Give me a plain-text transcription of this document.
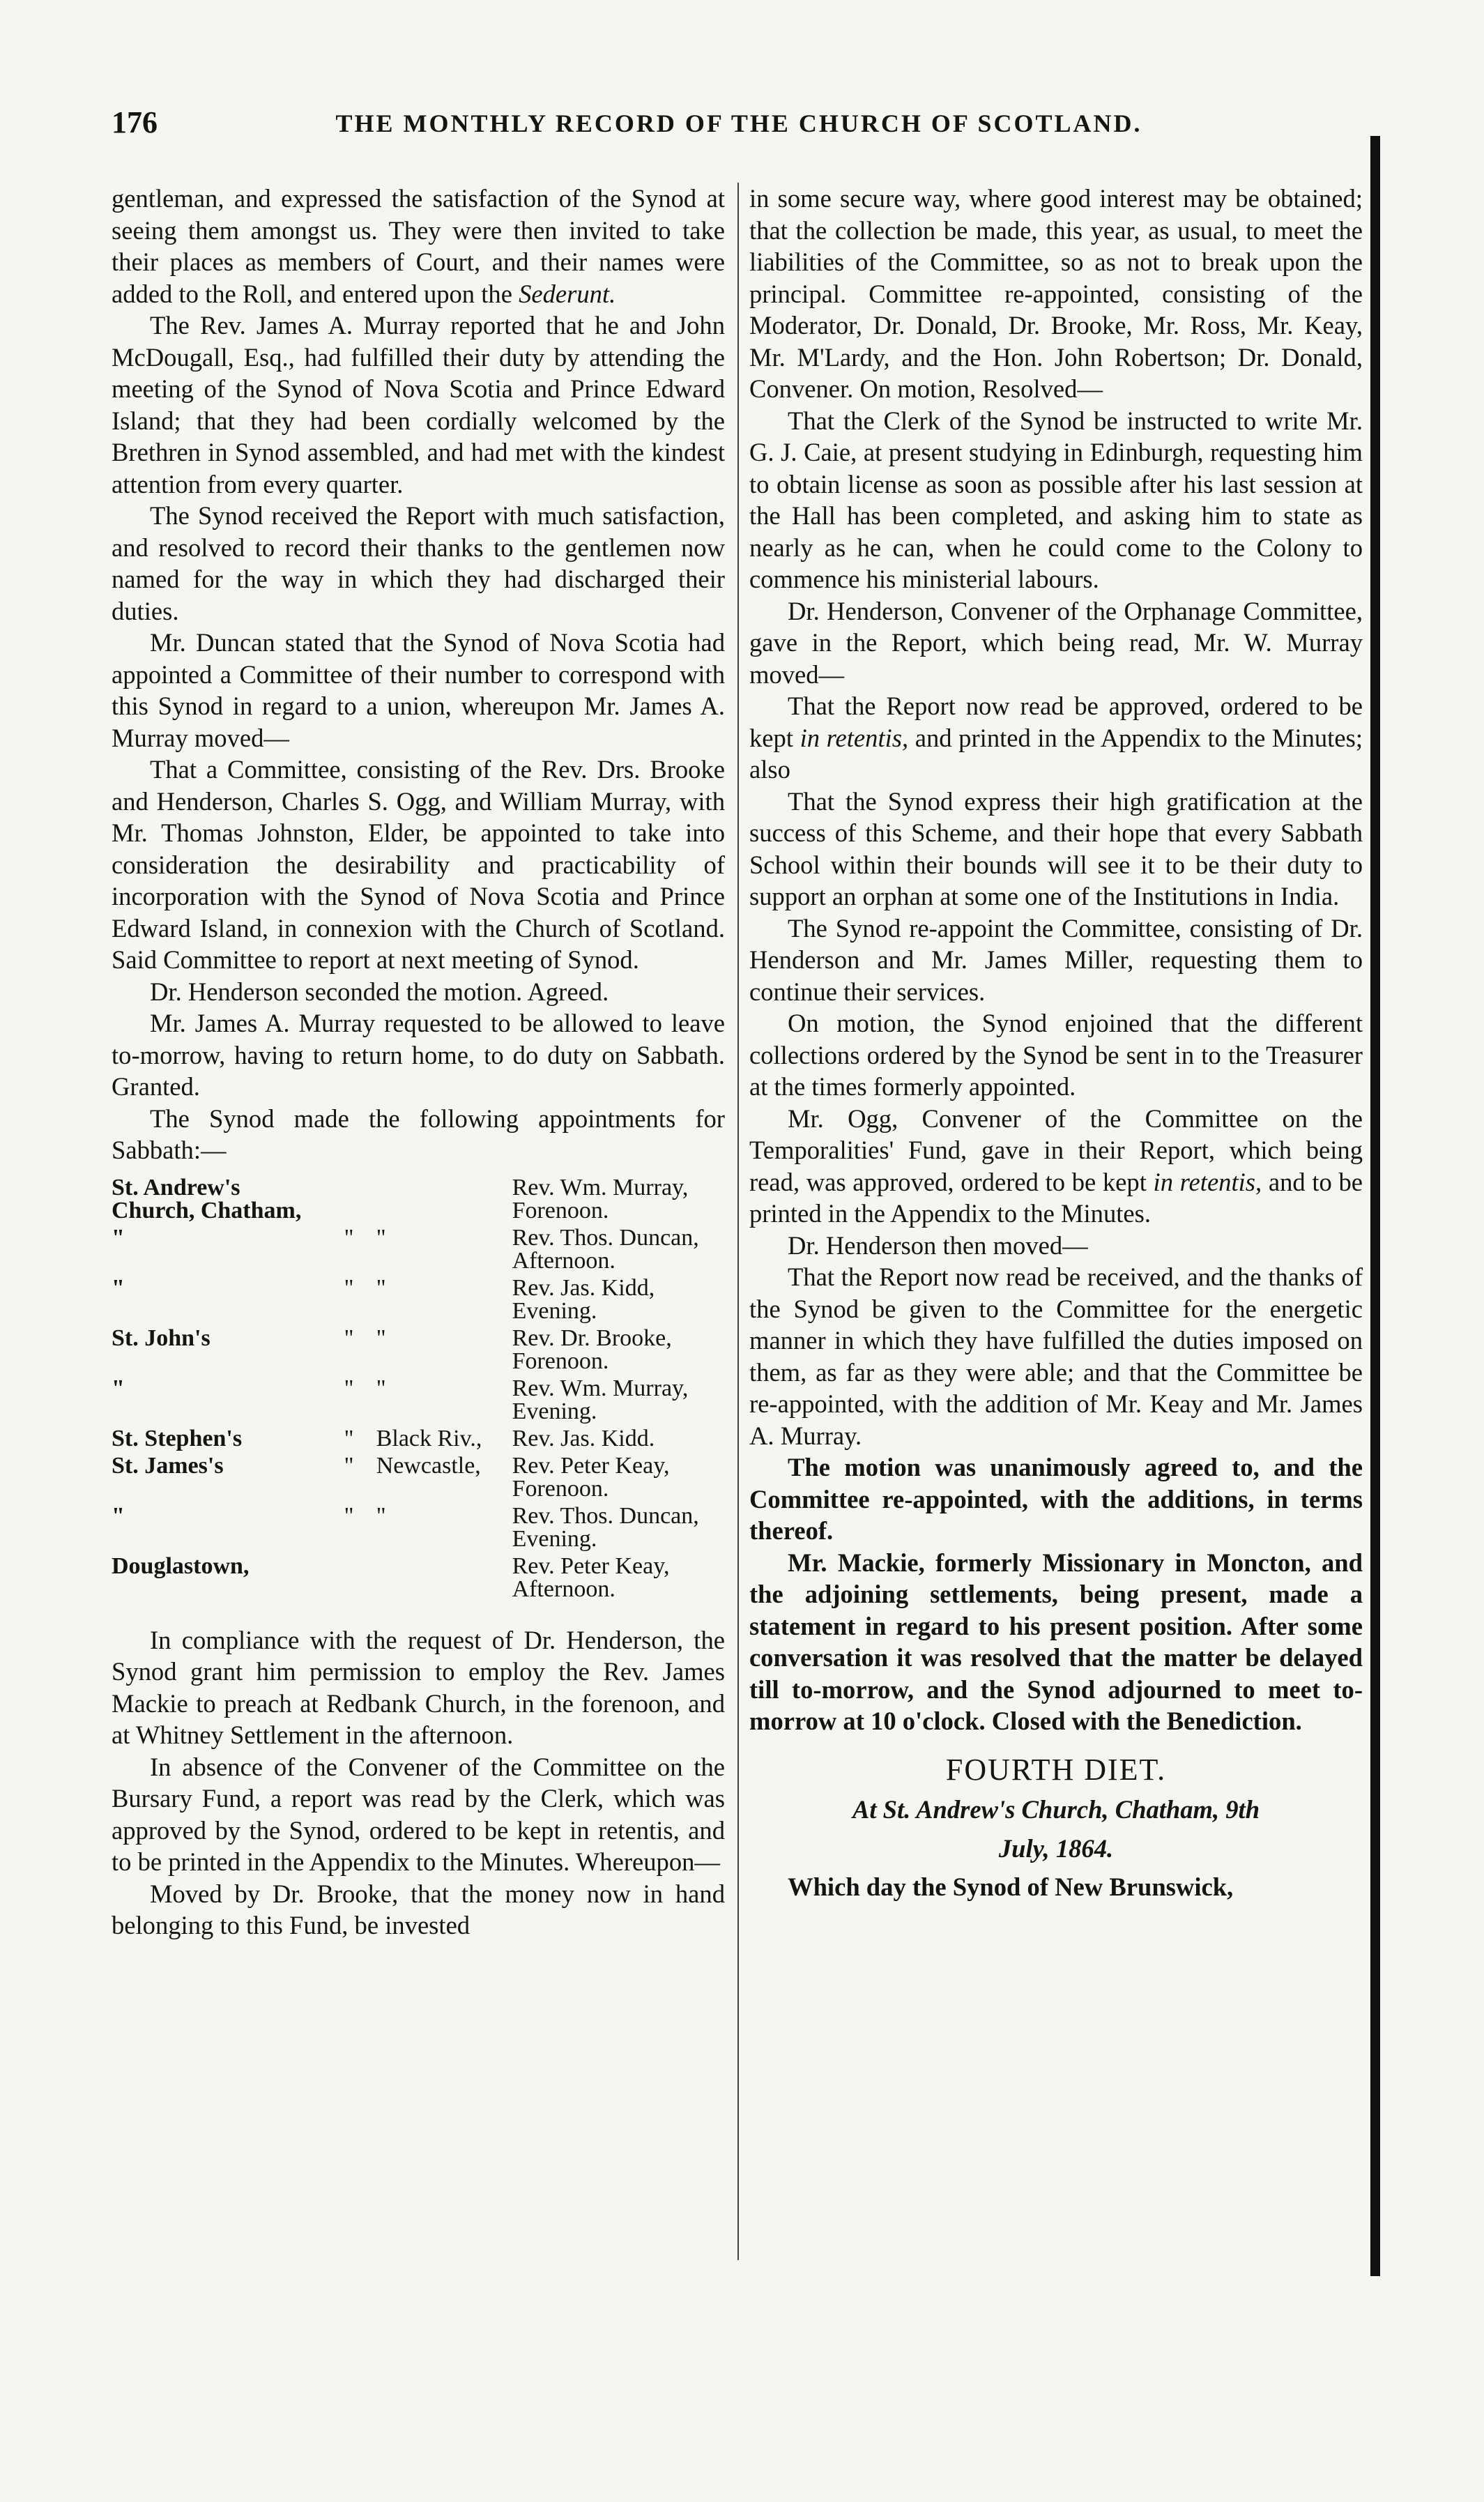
176	THE MONTHLY RECORD OF THE CHURCH OF SCOTLAND.

gentleman, and expressed the satisfaction of the Synod at seeing them amongst us. They were then invited to take their places as members of Court, and their names were added to the Roll, and entered upon the Sederunt.

The Rev. James A. Murray reported that he and John McDougall, Esq., had fulfilled their duty by attending the meeting of the Synod of Nova Scotia and Prince Edward Island; that they had been cordially welcomed by the Brethren in Synod assembled, and had met with the kindest attention from every quarter.

The Synod received the Report with much satisfaction, and resolved to record their thanks to the gentlemen now named for the way in which they had discharged their duties.

Mr. Duncan stated that the Synod of Nova Scotia had appointed a Committee of their number to correspond with this Synod in regard to a union, whereupon Mr. James A. Murray moved—

That a Committee, consisting of the Rev. Drs. Brooke and Henderson, Charles S. Ogg, and William Murray, with Mr. Thomas Johnston, Elder, be appointed to take into consideration the desirability and practicability of incorporation with the Synod of Nova Scotia and Prince Edward Island, in connexion with the Church of Scotland. Said Committee to report at next meeting of Synod.

Dr. Henderson seconded the motion. Agreed.

Mr. James A. Murray requested to be allowed to leave to-morrow, having to return home, to do duty on Sabbath. Granted.

The Synod made the following appointments for Sabbath:—

St. Andrew's Church, Chatham,			Rev. Wm. Murray, Forenoon.
"	"	"	Rev. Thos. Duncan, Afternoon.
"	"	"	Rev. Jas. Kidd, Evening.
St. John's	"	"	Rev. Dr. Brooke, Forenoon.
"	"	"	Rev. Wm. Murray, Evening.
St. Stephen's	"	Black Riv.,	Rev. Jas. Kidd.
St. James's	"	Newcastle,	Rev. Peter Keay, Forenoon.
"	"	"	Rev. Thos. Duncan, Evening.
Douglastown,			Rev. Peter Keay, Afternoon.

In compliance with the request of Dr. Henderson, the Synod grant him permission to employ the Rev. James Mackie to preach at Redbank Church, in the forenoon, and at Whitney Settlement in the afternoon.

In absence of the Convener of the Committee on the Bursary Fund, a report was read by the Clerk, which was approved by the Synod, ordered to be kept in retentis, and to be printed in the Appendix to the Minutes. Whereupon—

Moved by Dr. Brooke, that the money now in hand belonging to this Fund, be invested

in some secure way, where good interest may be obtained; that the collection be made, this year, as usual, to meet the liabilities of the Committee, so as not to break upon the principal. Committee re-appointed, consisting of the Moderator, Dr. Donald, Dr. Brooke, Mr. Ross, Mr. Keay, Mr. M'Lardy, and the Hon. John Robertson; Dr. Donald, Convener. On motion, Resolved—

That the Clerk of the Synod be instructed to write Mr. G. J. Caie, at present studying in Edinburgh, requesting him to obtain license as soon as possible after his last session at the Hall has been completed, and asking him to state as nearly as he can, when he could come to the Colony to commence his ministerial labours.

Dr. Henderson, Convener of the Orphanage Committee, gave in the Report, which being read, Mr. W. Murray moved—

That the Report now read be approved, ordered to be kept in retentis, and printed in the Appendix to the Minutes; also

That the Synod express their high gratification at the success of this Scheme, and their hope that every Sabbath School within their bounds will see it to be their duty to support an orphan at some one of the Institutions in India.

The Synod re-appoint the Committee, consisting of Dr. Henderson and Mr. James Miller, requesting them to continue their services.

On motion, the Synod enjoined that the different collections ordered by the Synod be sent in to the Treasurer at the times formerly appointed.

Mr. Ogg, Convener of the Committee on the Temporalities' Fund, gave in their Report, which being read, was approved, ordered to be kept in retentis, and to be printed in the Appendix to the Minutes.

Dr. Henderson then moved—

That the Report now read be received, and the thanks of the Synod be given to the Committee for the energetic manner in which they have fulfilled the duties imposed on them, as far as they were able; and that the Committee be re-appointed, with the addition of Mr. Keay and Mr. James A. Murray.

The motion was unanimously agreed to, and the Committee re-appointed, with the additions, in terms thereof.

Mr. Mackie, formerly Missionary in Moncton, and the adjoining settlements, being present, made a statement in regard to his present position. After some conversation it was resolved that the matter be delayed till to-morrow, and the Synod adjourned to meet to-morrow at 10 o'clock. Closed with the Benediction.

FOURTH DIET.
At St. Andrew's Church, Chatham, 9th
July, 1864.

Which day the Synod of New Brunswick,
